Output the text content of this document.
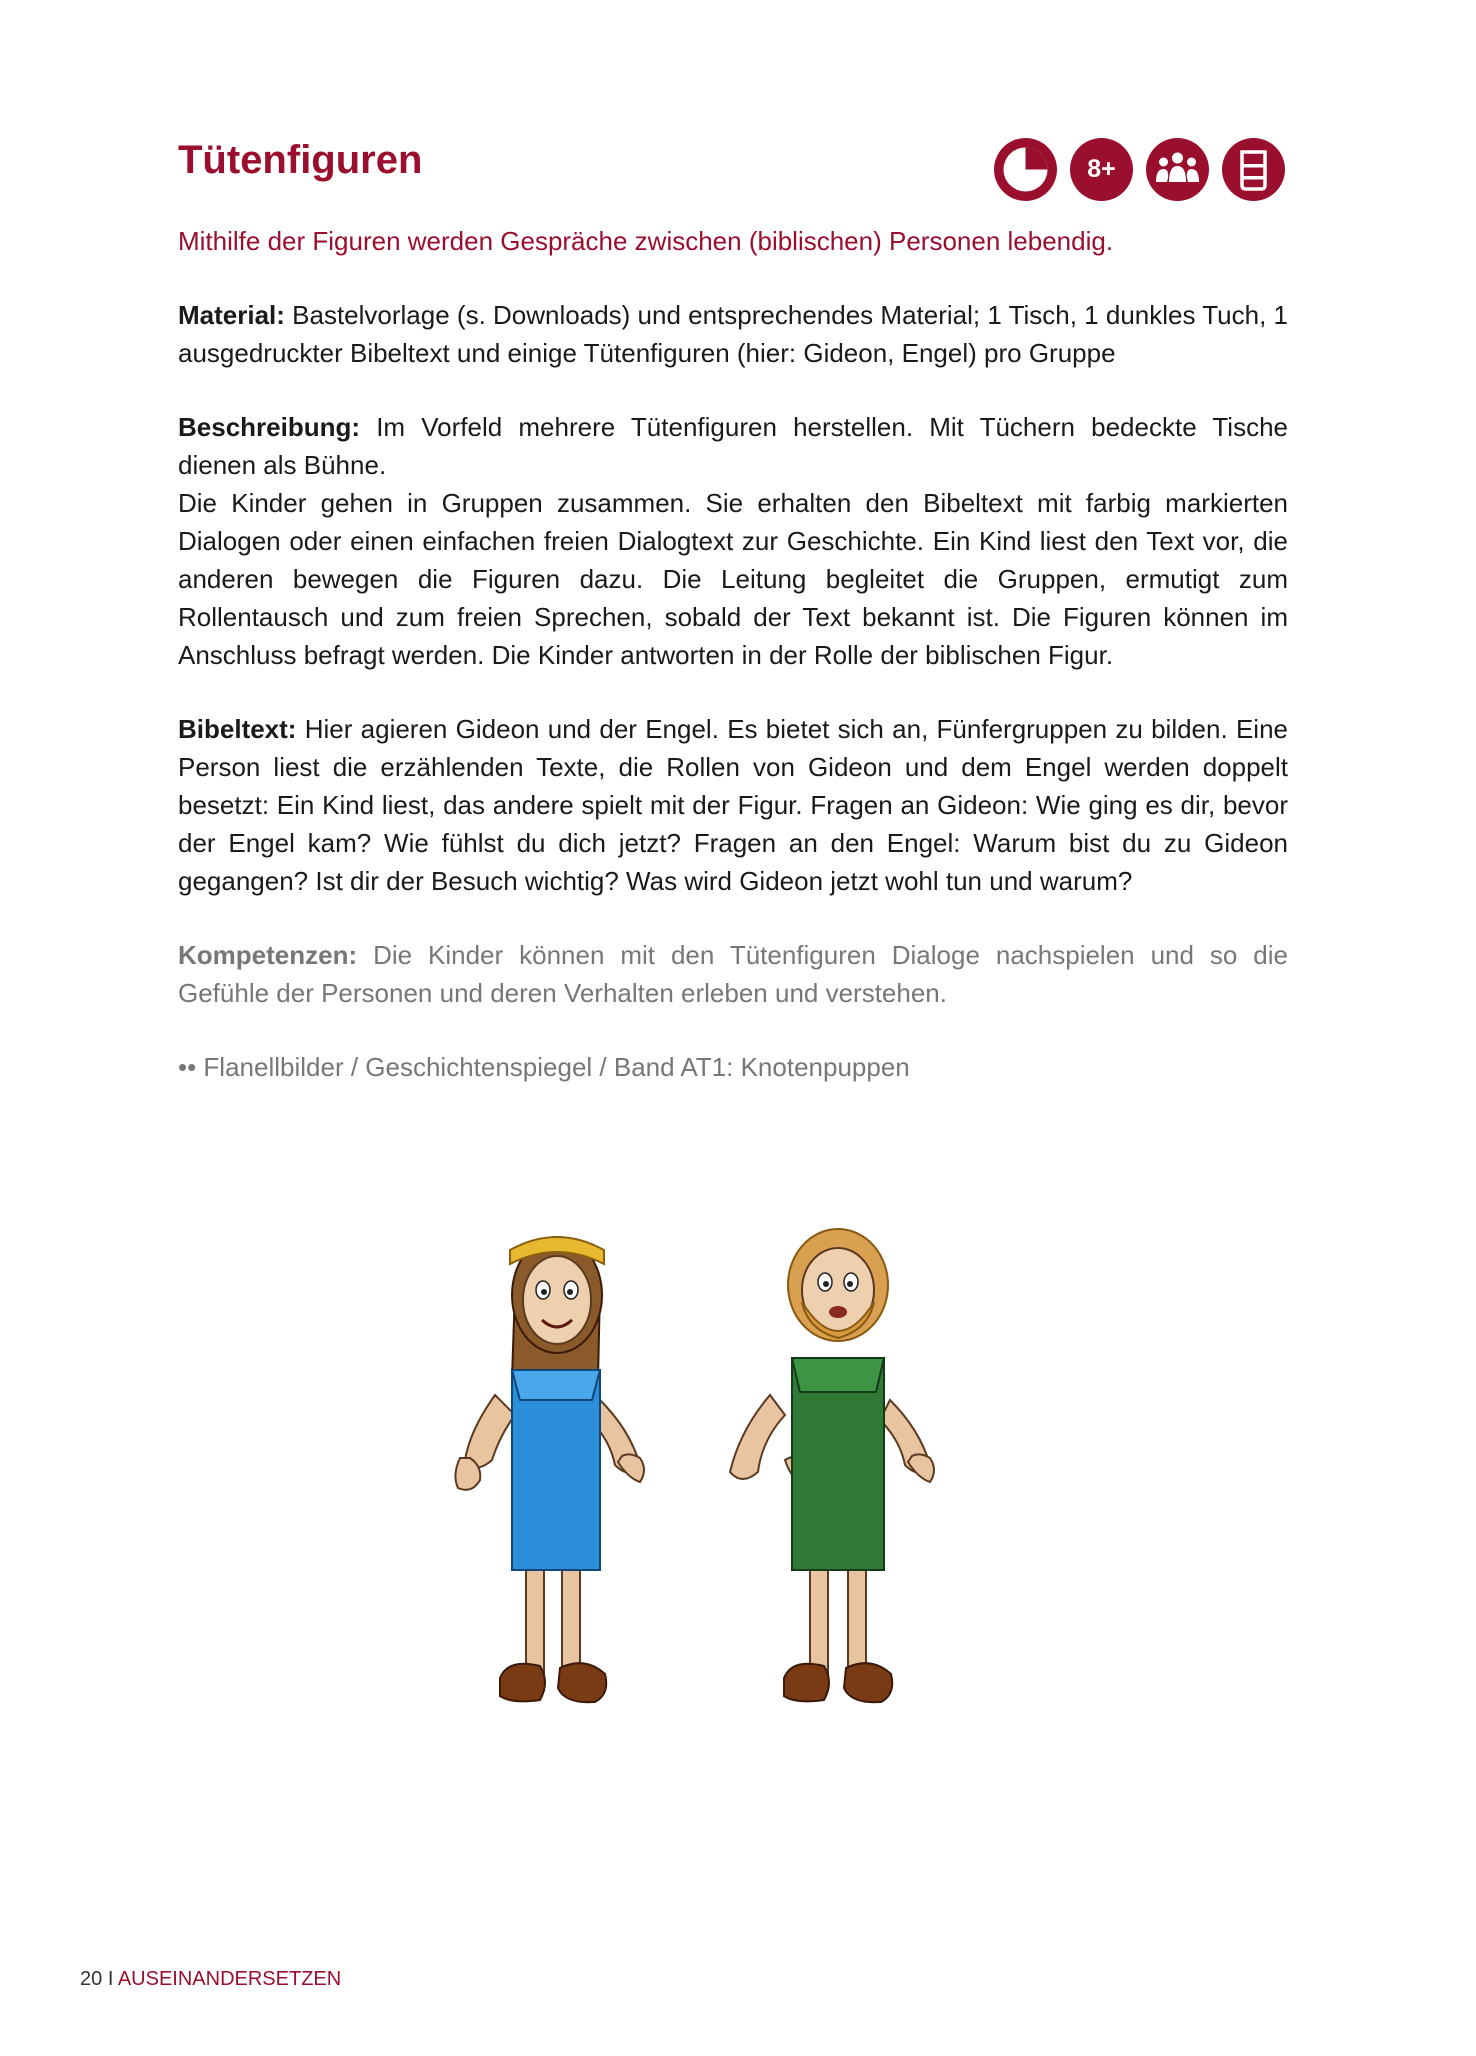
Tütenfiguren	8+

Mithilfe der Figuren werden Gespräche zwischen (biblischen) Personen lebendig.

Material: Bastelvorlage (s. Downloads) und entsprechendes Material; 1 Tisch, 1 dunkles Tuch, 1 ausgedruckter Bibeltext und einige Tütenfiguren (hier: Gideon, Engel) pro Gruppe

Beschreibung: Im Vorfeld mehrere Tütenfiguren herstellen. Mit Tüchern bedeckte Tische dienen als Bühne.

Die Kinder gehen in Gruppen zusammen. Sie erhalten den Bibeltext mit farbig markierten Dialogen oder einen einfachen freien Dialogtext zur Geschichte. Ein Kind liest den Text vor, die anderen bewegen die Figuren dazu. Die Leitung begleitet die Gruppen, ermutigt zum Rollentausch und zum freien Sprechen, sobald der Text bekannt ist. Die Figuren können im Anschluss befragt werden. Die Kinder antworten in der Rolle der biblischen Figur.

Bibeltext: Hier agieren Gideon und der Engel. Es bietet sich an, Fünfergruppen zu bilden. Eine Person liest die erzählenden Texte, die Rollen von Gideon und dem Engel werden doppelt besetzt: Ein Kind liest, das andere spielt mit der Figur. Fragen an Gideon: Wie ging es dir, bevor der Engel kam? Wie fühlst du dich jetzt? Fragen an den Engel: Warum bist du zu Gideon gegangen? Ist dir der Besuch wichtig? Was wird Gideon jetzt wohl tun und warum?

Kompetenzen: Die Kinder können mit den Tütenfiguren Dialoge nachspielen und so die Gefühle der Personen und deren Verhalten erleben und verstehen.

•• Flanellbilder / Geschichtenspiegel / Band AT1: Knotenpuppen

20 I AUSEINANDERSETZEN
